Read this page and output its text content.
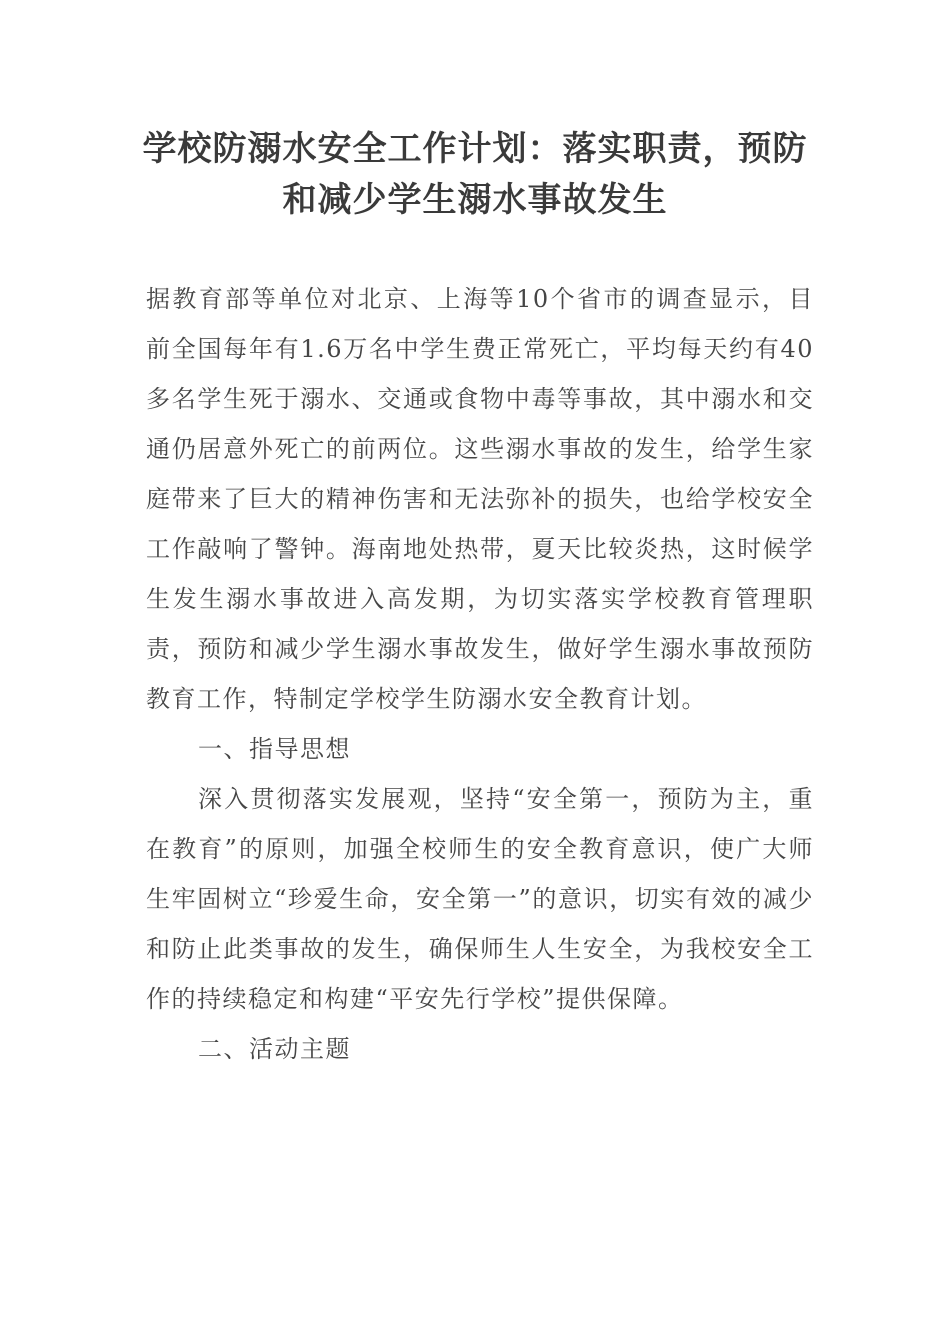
学校防溺水安全工作计划：落实职责，预防和减少学生溺水事故发生

据教育部等单位对北京、上海等10个省市的调查显示，目前全国每年有1.6万名中学生费正常死亡，平均每天约有40多名学生死于溺水、交通或食物中毒等事故，其中溺水和交通仍居意外死亡的前两位。这些溺水事故的发生，给学生家庭带来了巨大的精神伤害和无法弥补的损失，也给学校安全工作敲响了警钟。海南地处热带，夏天比较炎热，这时候学生发生溺水事故进入高发期，为切实落实学校教育管理职责，预防和减少学生溺水事故发生，做好学生溺水事故预防教育工作，特制定学校学生防溺水安全教育计划。

一、指导思想

深入贯彻落实发展观，坚持“安全第一，预防为主，重在教育”的原则，加强全校师生的安全教育意识，使广大师生牢固树立“珍爱生命，安全第一”的意识，切实有效的减少和防止此类事故的发生，确保师生人生安全，为我校安全工作的持续稳定和构建“平安先行学校”提供保障。

二、活动主题
